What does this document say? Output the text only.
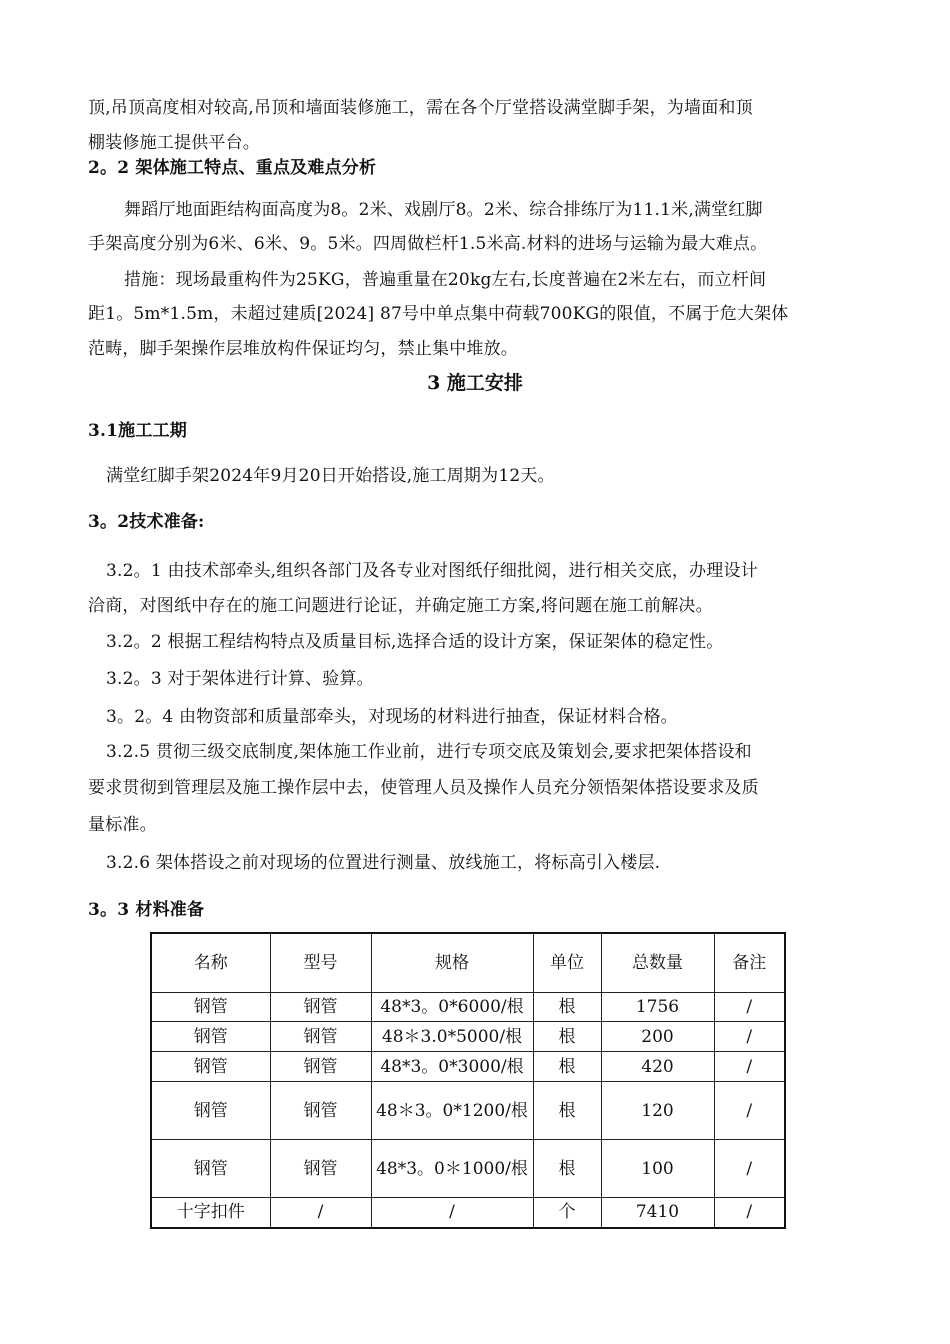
顶,吊顶高度相对较高,吊顶和墙面装修施工，需在各个厅堂搭设满堂脚手架，为墙面和顶
棚装修施工提供平台。
2。2 架体施工特点、重点及难点分析
舞蹈厅地面距结构面高度为8。2米、戏剧厅8。2米、综合排练厅为11.1米,满堂红脚
手架高度分别为6米、6米、9。5米。四周做栏杆1.5米高.材料的进场与运输为最大难点。
措施：现场最重构件为25KG，普遍重量在20kg左右,长度普遍在2米左右，而立杆间
距1。5m*1.5m，未超过建质[2024] 87号中单点集中荷载700KG的限值，不属于危大架体
范畴，脚手架操作层堆放构件保证均匀，禁止集中堆放。
3 施工安排
3.1施工工期
满堂红脚手架2024年9月20日开始搭设,施工周期为12天。
3。2技术准备:
3.2。1 由技术部牵头,组织各部门及各专业对图纸仔细批阅，进行相关交底，办理设计
洽商，对图纸中存在的施工问题进行论证，并确定施工方案,将问题在施工前解决。
3.2。2 根据工程结构特点及质量目标,选择合适的设计方案，保证架体的稳定性。
3.2。3 对于架体进行计算、验算。
3。2。4 由物资部和质量部牵头，对现场的材料进行抽查，保证材料合格。
3.2.5 贯彻三级交底制度,架体施工作业前，进行专项交底及策划会,要求把架体搭设和
要求贯彻到管理层及施工操作层中去，使管理人员及操作人员充分领悟架体搭设要求及质
量标准。
3.2.6 架体搭设之前对现场的位置进行测量、放线施工，将标高引入楼层.
3。3 材料准备
名称	型号	规格	单位	总数量	备注
钢管	钢管	48*3。0*6000/根	根	1756	/
钢管	钢管	48＊3.0*5000/根	根	200	/
钢管	钢管	48*3。0*3000/根	根	420	/
钢管	钢管	48＊3。0*1200/根	根	120	/
钢管	钢管	48*3。0＊1000/根	根	100	/
十字扣件	/	/	个	7410	/
